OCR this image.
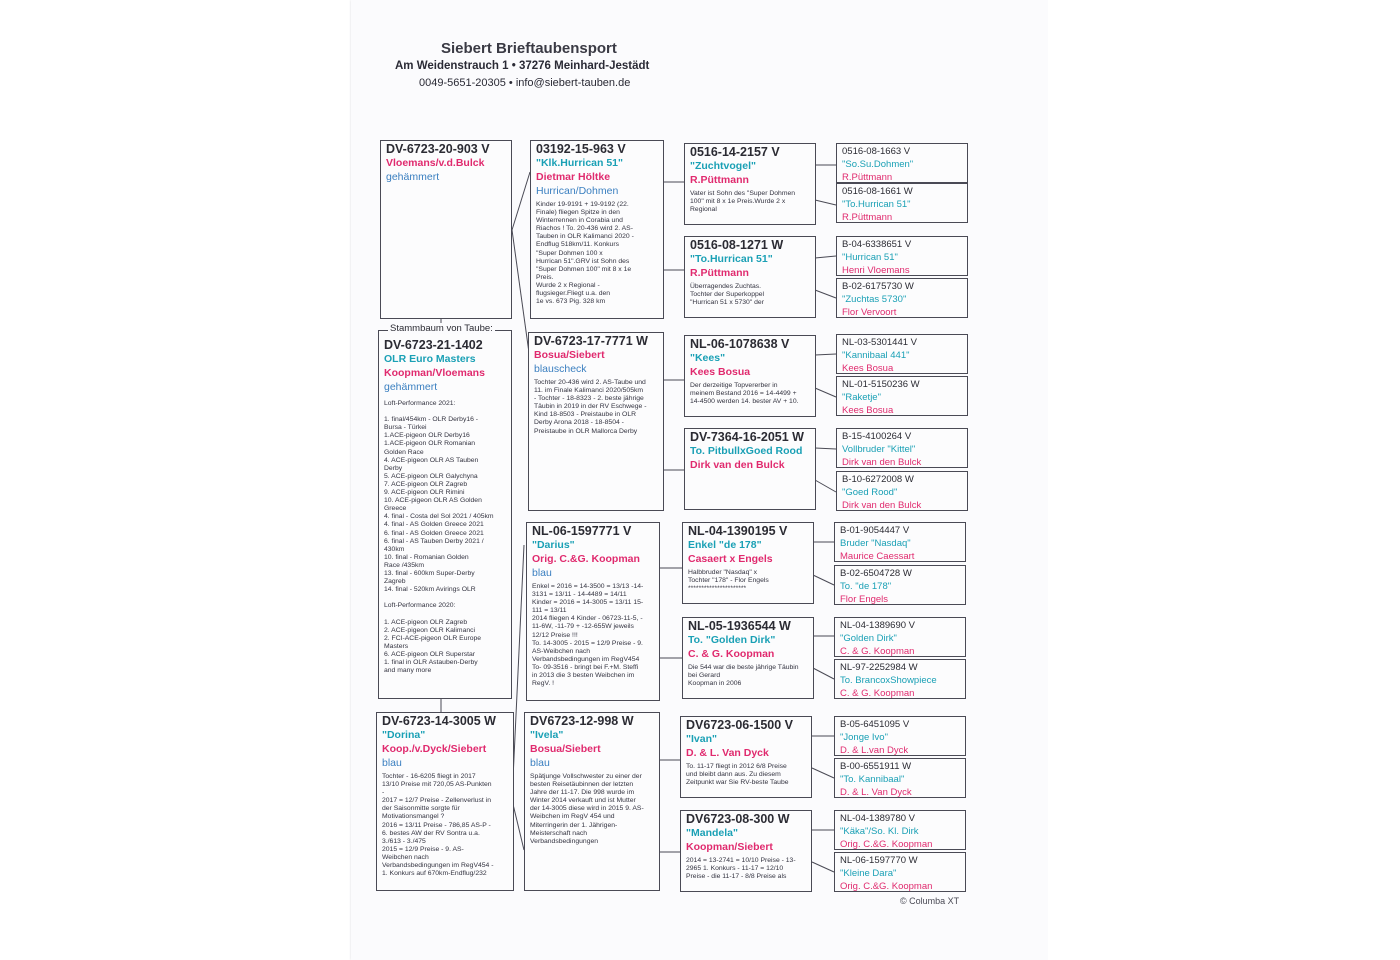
Siebert Brieftaubensport
Am Weidenstrauch 1 • 37276 Meinhard-Jestädt
0049-5651-20305 • info@siebert-tauben.de
DV-6723-20-903 V
Vloemans/v.d.Bulck
gehämmert
DV-6723-21-1402
OLR Euro Masters
Koopman/Vloemans
gehämmert
Loft-Performance 2021:

1. final/454km - OLR Derby16 -
Bursa - Türkei
1.ACE-pigeon OLR Derby16
1.ACE-pigeon OLR Romanian
Golden Race
4. ACE-pigeon OLR AS Tauben
Derby
5. ACE-pigeon OLR Galychyna
7. ACE-pigeon OLR Zagreb
9. ACE-pigeon OLR Rimini
10. ACE-pigeon OLR AS Golden
Greece
4. final - Costa del Sol 2021 / 405km
4. final - AS Golden Greece 2021
6. final - AS Golden Greece 2021
6. final - AS Tauben Derby 2021 /
430km
10. final - Romanian Golden
Race /435km
13. final - 600km Super-Derby
Zagreb
14. final - 520km Avirings OLR

Loft-Performance 2020:

1. ACE-pigeon OLR Zagreb
2. ACE-pigeon OLR Kalimanci
2. FCI-ACE-pigeon OLR Europe
Masters
6. ACE-pigeon OLR Superstar
1. final in OLR Astauben-Derby
and many more
Stammbaum von Taube:
DV-6723-14-3005 W
"Dorina"
Koop./v.Dyck/Siebert
blau
Tochter - 16-6205 fliegt in 2017
13/10 Preise mit 720,05 AS-Punkten
-
2017 = 12/7 Preise - Zellenverlust in
der Saisonmitte sorgte für
Motivationsmangel ?
2016 = 13/11 Preise - 786,85 AS-P -
6. bestes AW der RV Sontra u.a.
3./613 - 3./475
2015 = 12/9 Preise - 9. AS-
Weibchen nach
Verbandsbedingungen im RegV454 -
1. Konkurs auf 670km-Endflug/232
03192-15-963 V
"Klk.Hurrican 51"
Dietmar Höltke
Hurrican/Dohmen
Kinder 19-9191 + 19-9192 (22.
Finale) fliegen Spitze in den
Winterrennen in Corabia und
Riachos ! To. 20-436 wird 2. AS-
Tauben in OLR Kalimanci 2020 -
Endflug 518km/11. Konkurs
"Super Dohmen 100 x
Hurrican 51".GRV ist Sohn des
"Super Dohmen 100" mit 8 x 1e
Preis.
Wurde 2 x Regional -
flugsieger.Fliegt u.a. den
1e vs. 673 Pig. 328 km
DV-6723-17-7771 W
Bosua/Siebert
blauscheck
Tochter 20-436 wird 2. AS-Taube und
11. im Finale Kalimanci 2020/505km
- Tochter - 18-8323 - 2. beste jährige
Täubin in 2019 in der RV Eschwege -
Kind 18-8503 - Preistaube in OLR
Derby Arona 2018 - 18-8504 -
Preistaube in OLR Mallorca Derby
NL-06-1597771 V
"Darius"
Orig. C.&G. Koopman
blau
Enkel = 2016 = 14-3500 = 13/13 -14-
3131 = 13/11 - 14-4489 = 14/11
Kinder = 2016 = 14-3005 = 13/11 15-
111 = 13/11
2014 fliegen 4 Kinder - 06723-11-5, -
11-6W, -11-79 + -12-655W jeweils
12/12 Preise !!!
To. 14-3005 - 2015 = 12/9 Preise - 9.
AS-Weibchen nach
Verbandsbedingungen im RegV454
To- 09-3516 - bringt bei F.+M. Steffi
in 2013 die 3 besten Weibchen im
RegV. !
DV6723-12-998 W
"Ivela"
Bosua/Siebert
blau
Spätjunge Vollschwester zu einer der
besten Reisetäubinnen der letzten
Jahre der 11-17. Die 998 wurde im
Winter 2014 verkauft und ist Mutter
der 14-3005 diese wird in 2015 9. AS-
Weibchen im RegV 454 und
Miterringerin der 1. Jährigen-
Meisterschaft nach
Verbandsbedingungen
0516-14-2157 V
"Zuchtvogel"
R.Püttmann
Vater ist Sohn des "Super Dohmen
100" mit 8 x 1e Preis.Wurde 2 x
Regional
0516-08-1271 W
"To.Hurrican 51"
R.Püttmann
Überragendes Zuchtas.
Tochter der Superkoppel
"Hurrican 51 x 5730" der
NL-06-1078638 V
"Kees"
Kees Bosua
Der derzeitige Topvererber in
meinem Bestand 2016 = 14-4499 +
14-4500 werden 14. bester AV + 10.
DV-7364-16-2051 W
To. PitbullxGoed Rood
Dirk van den Bulck
NL-04-1390195 V
Enkel "de 178"
Casaert x Engels
Halbbruder "Nasdaq" x
Tochter "178" - Flor Engels
**********************
NL-05-1936544 W
To. "Golden Dirk"
C. & G. Koopman
Die 544 war die beste jährige Täubin
bei Gerard
Koopman in 2006
DV6723-06-1500 V
"Ivan"
D. & L. Van Dyck
To. 11-17 fliegt in 2012 6/8 Preise
und bleibt dann aus. Zu diesem
Zeitpunkt war Sie RV-beste Taube
DV6723-08-300 W
"Mandela"
Koopman/Siebert
2014 = 13-2741 = 10/10 Preise - 13-
2965 1. Konkurs - 11-17 = 12/10
Preise - die 11-17 - 8/8 Preise als
0516-08-1663 V
"So.Su.Dohmen"
R.Püttmann
0516-08-1661 W
"To.Hurrican 51"
R.Püttmann
B-04-6338651 V
"Hurrican 51"
Henri Vloemans
B-02-6175730 W
"Zuchtas 5730"
Flor Vervoort
NL-03-5301441 V
"Kannibaal 441"
Kees Bosua
NL-01-5150236 W
"Raketje"
Kees Bosua
B-15-4100264 V
Vollbruder "Kittel"
Dirk van den Bulck
B-10-6272008 W
"Goed Rood"
Dirk van den Bulck
B-01-9054447 V
Bruder "Nasdaq"
Maurice Caessart
B-02-6504728 W
To. "de 178"
Flor Engels
NL-04-1389690 V
"Golden Dirk"
C. & G. Koopman
NL-97-2252984 W
To. BrancoxShowpiece
C. & G. Koopman
B-05-6451095 V
"Jonge Ivo"
D. & L.van Dyck
B-00-6551911 W
"To. Kannibaal"
D. & L. Van Dyck
NL-04-1389780 V
"Käka"/So. Kl. Dirk
Orig. C.&G. Koopman
NL-06-1597770 W
"Kleine Dara"
Orig. C.&G. Koopman
© Columba XT
